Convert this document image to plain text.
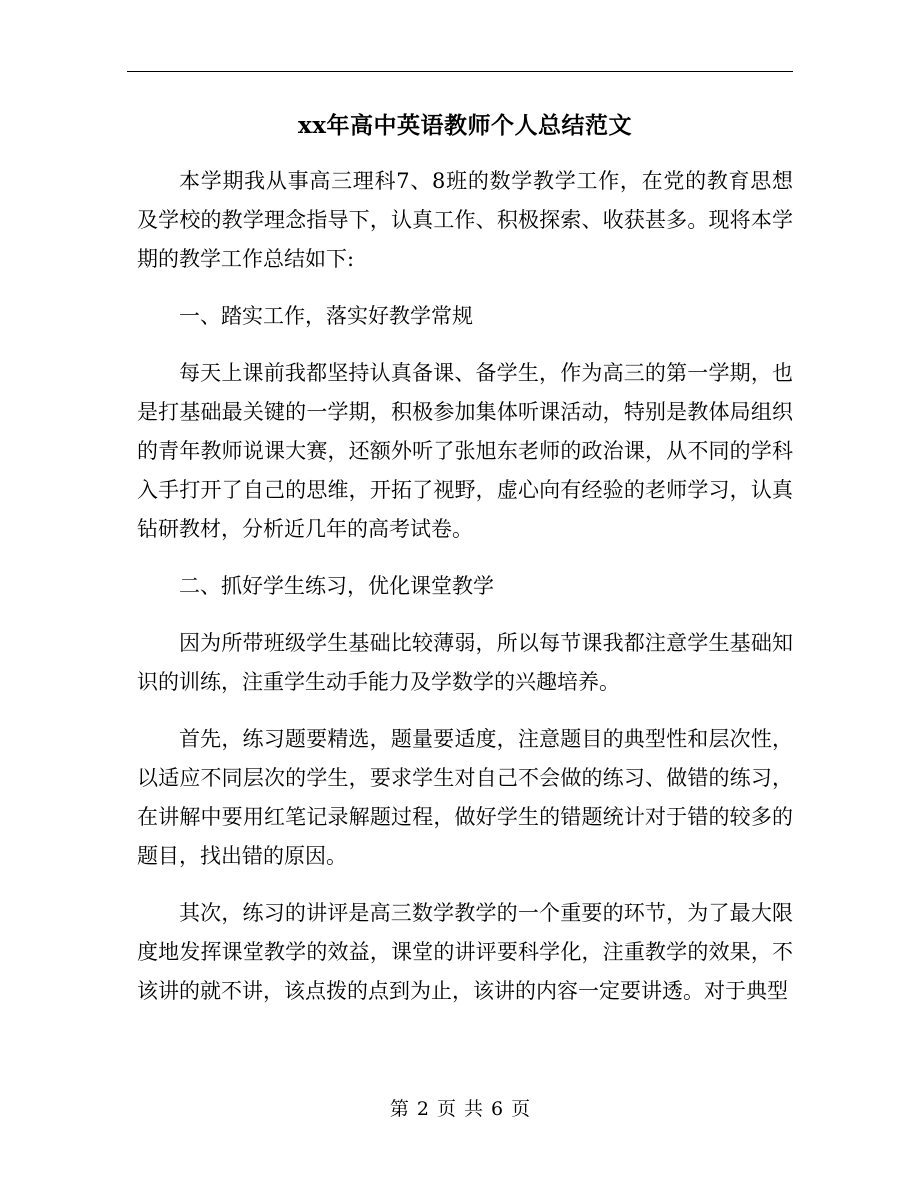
xx年高中英语教师个人总结范文

本学期我从事高三理科7、8班的数学教学工作，在党的教育思想及学校的教学理念指导下，认真工作、积极探索、收获甚多。现将本学期的教学工作总结如下:

一、踏实工作，落实好教学常规

每天上课前我都坚持认真备课、备学生，作为高三的第一学期，也是打基础最关键的一学期，积极参加集体听课活动，特别是教体局组织的青年教师说课大赛，还额外听了张旭东老师的政治课，从不同的学科入手打开了自己的思维，开拓了视野，虚心向有经验的老师学习，认真钻研教材，分析近几年的高考试卷。

二、抓好学生练习，优化课堂教学

因为所带班级学生基础比较薄弱，所以每节课我都注意学生基础知识的训练，注重学生动手能力及学数学的兴趣培养。

首先，练习题要精选，题量要适度，注意题目的典型性和层次性，以适应不同层次的学生，要求学生对自己不会做的练习、做错的练习，在讲解中要用红笔记录解题过程，做好学生的错题统计对于错的较多的题目，找出错的原因。

其次，练习的讲评是高三数学教学的一个重要的环节，为了最大限度地发挥课堂教学的效益，课堂的讲评要科学化，注重教学的效果，不该讲的就不讲，该点拨的点到为止，该讲的内容一定要讲透。对于典型

第 2 页 共 6 页
